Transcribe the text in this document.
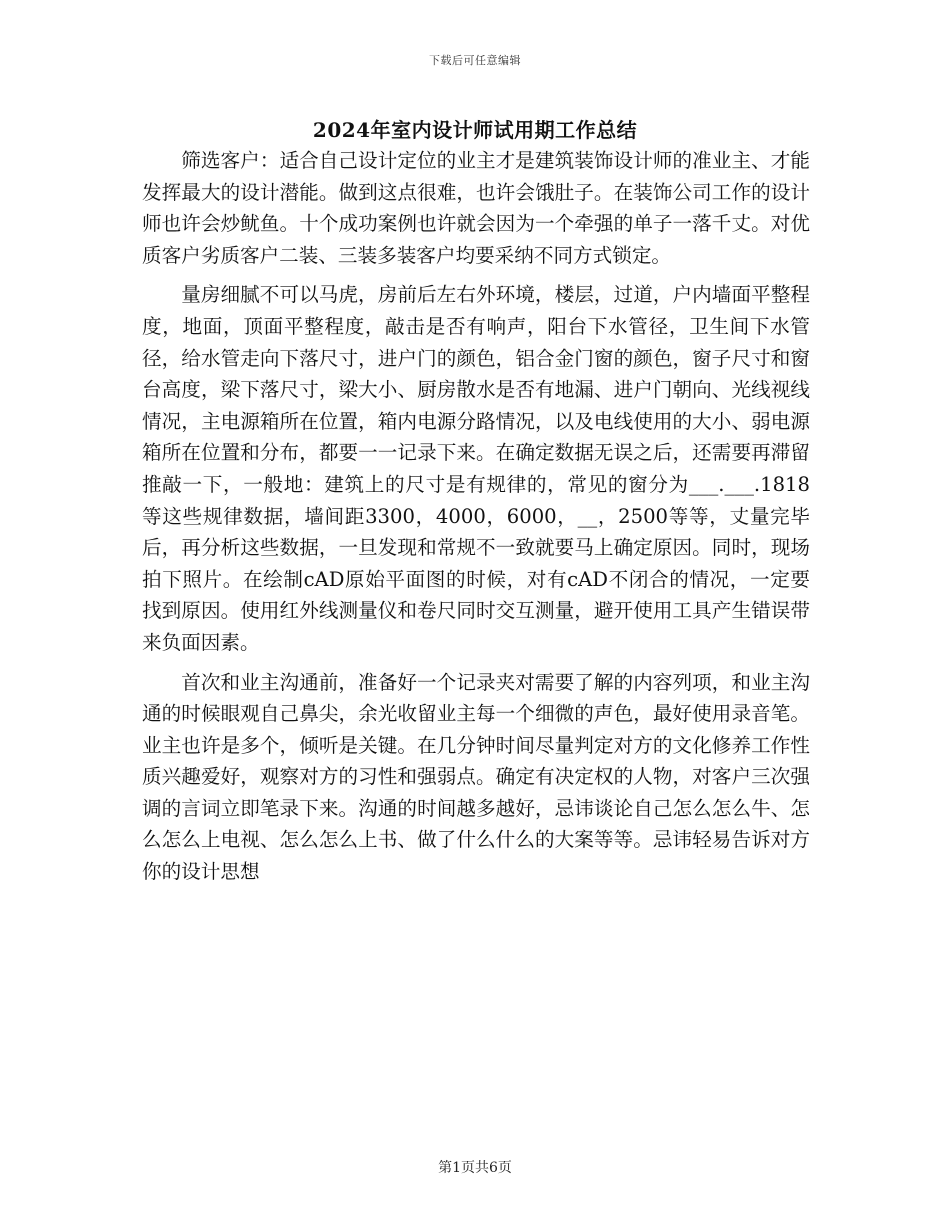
下载后可任意编辑
2024年室内设计师试用期工作总结

筛选客户：适合自己设计定位的业主才是建筑装饰设计师的准业主、才能发挥最大的设计潜能。做到这点很难，也许会饿肚子。在装饰公司工作的设计师也许会炒鱿鱼。十个成功案例也许就会因为一个牵强的单子一落千丈。对优质客户劣质客户二装、三装多装客户均要采纳不同方式锁定。

量房细腻不可以马虎，房前后左右外环境，楼层，过道，户内墙面平整程度，地面，顶面平整程度，敲击是否有响声，阳台下水管径，卫生间下水管径，给水管走向下落尺寸，进户门的颜色，铝合金门窗的颜色，窗子尺寸和窗台高度，梁下落尺寸，梁大小、厨房散水是否有地漏、进户门朝向、光线视线情况，主电源箱所在位置，箱内电源分路情况，以及电线使用的大小、弱电源箱所在位置和分布，都要一一记录下来。在确定数据无误之后，还需要再滞留推敲一下，一般地：建筑上的尺寸是有规律的，常见的窗分为___.___.1818等这些规律数据，墙间距3300，4000，6000，__，2500等等，丈量完毕后，再分析这些数据，一旦发现和常规不一致就要马上确定原因。同时，现场拍下照片。在绘制cAD原始平面图的时候，对有cAD不闭合的情况，一定要找到原因。使用红外线测量仪和卷尺同时交互测量，避开使用工具产生错误带来负面因素。

首次和业主沟通前，准备好一个记录夹对需要了解的内容列项，和业主沟通的时候眼观自己鼻尖，余光收留业主每一个细微的声色，最好使用录音笔。业主也许是多个，倾听是关键。在几分钟时间尽量判定对方的文化修养工作性质兴趣爱好，观察对方的习性和强弱点。确定有决定权的人物，对客户三次强调的言词立即笔录下来。沟通的时间越多越好，忌讳谈论自己怎么怎么牛、怎么怎么上电视、怎么怎么上书、做了什么什么的大案等等。忌讳轻易告诉对方你的设计思想

第1页共6页
